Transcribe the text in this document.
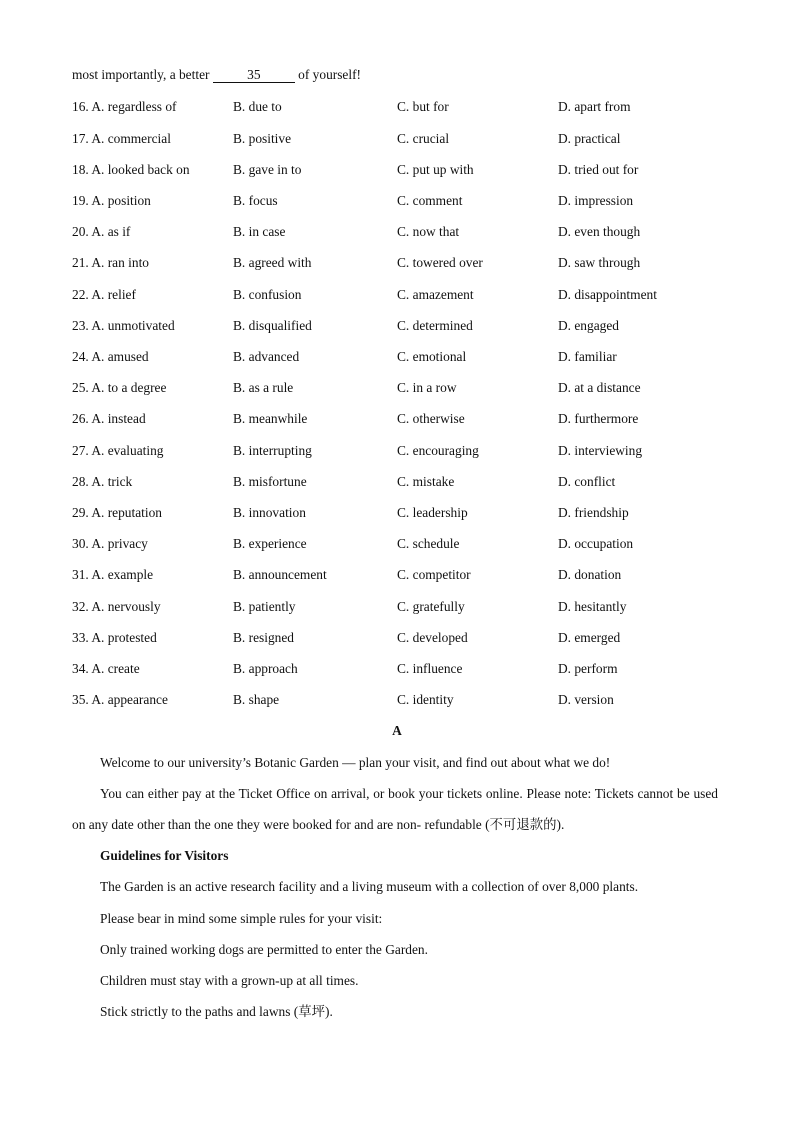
most importantly, a better	35	of yourself!
16. A. regardless of	B. due to	C. but for	D. apart from
17. A. commercial	B. positive	C. crucial	D. practical
18. A. looked back on	B. gave in to	C. put up with	D. tried out for
19. A. position	B. focus	C. comment	D. impression
20. A. as if	B. in case	C. now that	D. even though
21. A. ran into	B. agreed with	C. towered over	D. saw through
22. A. relief	B. confusion	C. amazement	D. disappointment
23. A. unmotivated	B. disqualified	C. determined	D. engaged
24. A. amused	B. advanced	C. emotional	D. familiar
25. A. to a degree	B. as a rule	C. in a row	D. at a distance
26. A. instead	B. meanwhile	C. otherwise	D. furthermore
27. A. evaluating	B. interrupting	C. encouraging	D. interviewing
28. A. trick	B. misfortune	C. mistake	D. conflict
29. A. reputation	B. innovation	C. leadership	D. friendship
30. A. privacy	B. experience	C. schedule	D. occupation
31. A. example	B. announcement	C. competitor	D. donation
32. A. nervously	B. patiently	C. gratefully	D. hesitantly
33. A. protested	B. resigned	C. developed	D. emerged
34. A. create	B. approach	C. influence	D. perform
35. A. appearance	B. shape	C. identity	D. version
A
Welcome to our university’s Botanic Garden — plan your visit, and find out about what we do!
You can either pay at the Ticket Office on arrival, or book your tickets online. Please note: Tickets cannot be used on any date other than the one they were booked for and are non- refundable (不可退款的).
Guidelines for Visitors
The Garden is an active research facility and a living museum with a collection of over 8,000 plants.
Please bear in mind some simple rules for your visit:
Only trained working dogs are permitted to enter the Garden.
Children must stay with a grown-up at all times.
Stick strictly to the paths and lawns (草坪).
